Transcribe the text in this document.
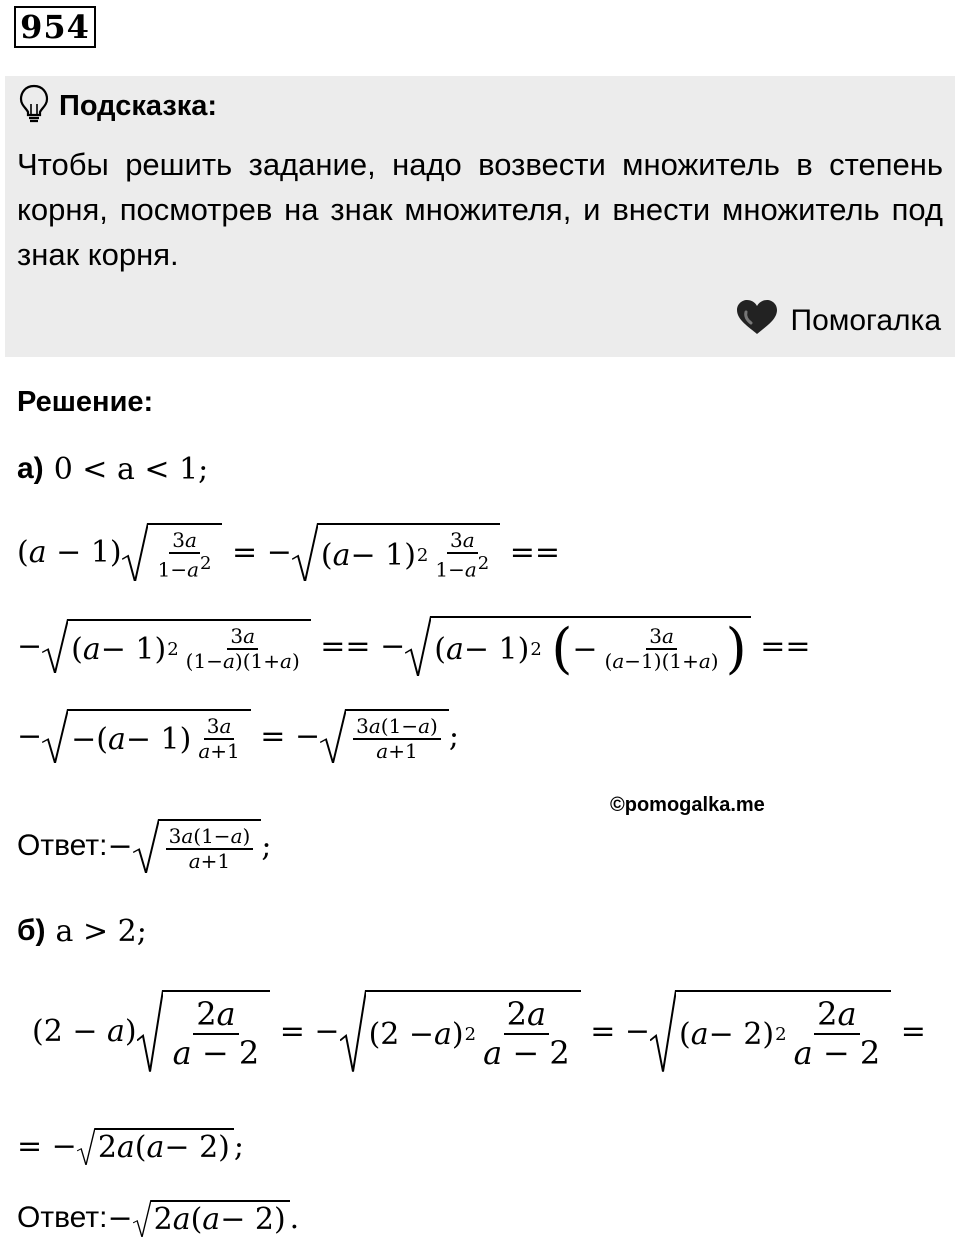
954
Подсказка:
Чтобы решить задание, надо возвести множитель в степень корня, посмотрев на знак множителя, и внести множитель под знак корня.
Помогалка
Решение:
а) 0 < a < 1;
$(a - 1) \frac{3a}{1-a2}$ = − ( a − 1) $2 \frac{3a}{1-a2}$ ==
− ( a − 1) $2 \frac{3a}{(1-a)(1+a)}$ == − ( a − 1) 2
( − $\frac{3a}{(a-1)(1+a)}$ ) ==
− −( $a - 1) \frac{3a}{a+1}$ = − $\frac{3a(1-a)}{a+1}$ ;
©pomogalka.me
Ответ: − $\frac{3a(1-a)}{a+1}$ ;
б) a > 2;
$(2 - a) \frac{2a}{a - 2}$ = − (2 − a ) $2 \frac{2a}{a - 2}$ = − ( a − 2) $2 \frac{2a}{a - 2}$ =
= − 2 a ( a − 2) ;
Ответ: − 2 a ( a − 2) .
